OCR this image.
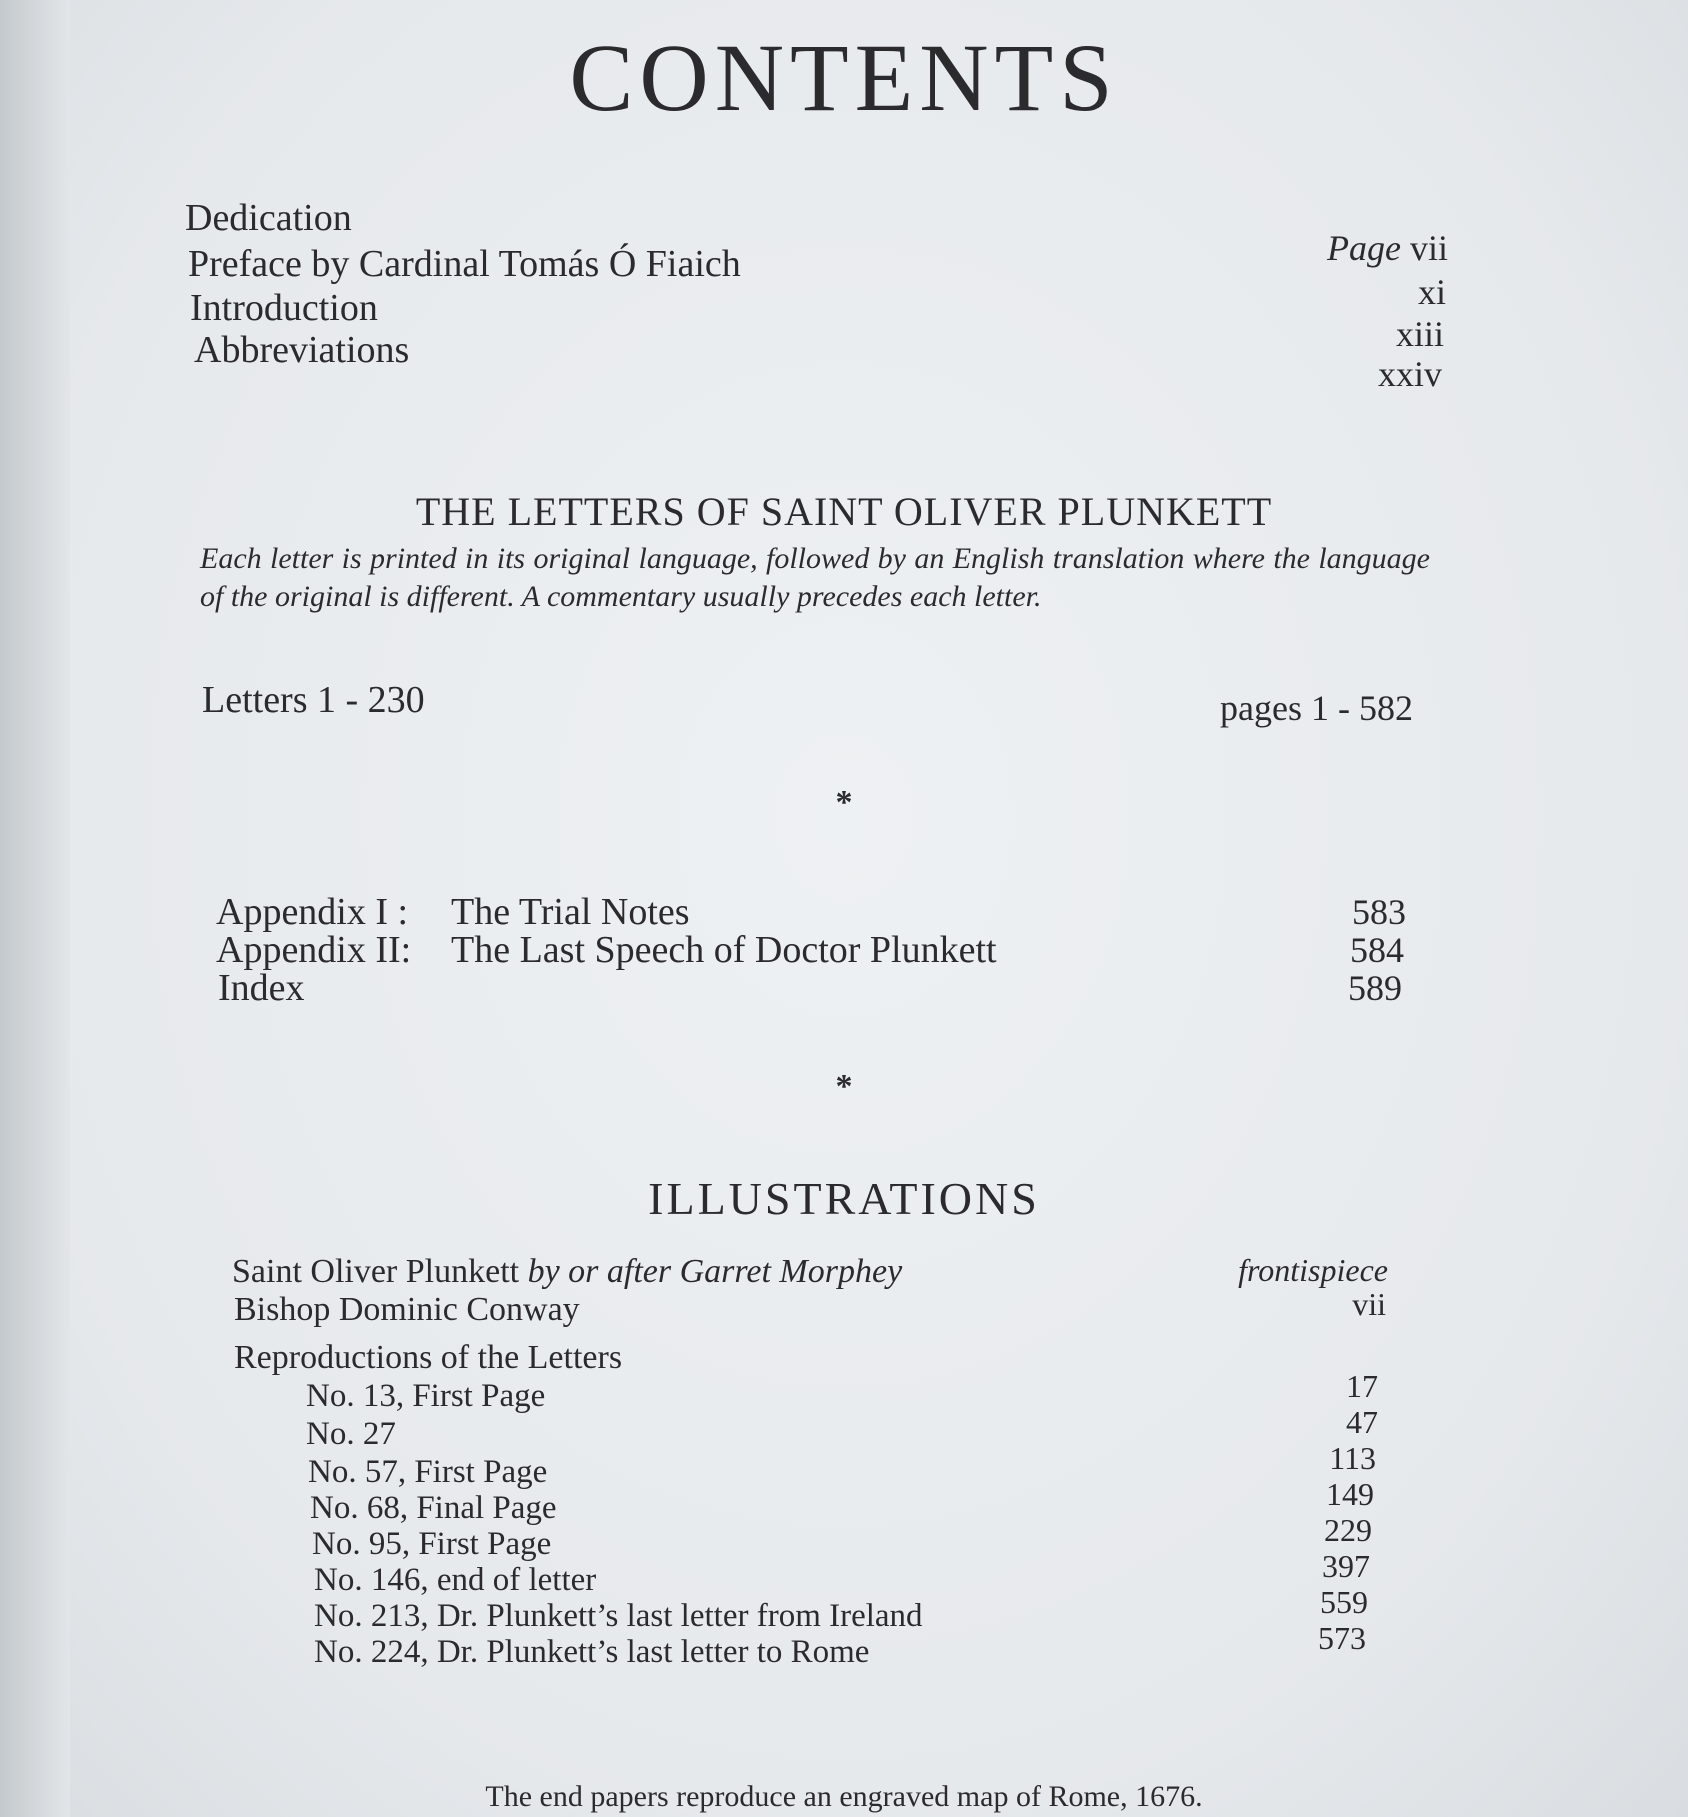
CONTENTS
Dedication
Preface by Cardinal Tomás Ó Fiaich
Introduction
Abbreviations
Page vii
xi
xiii
xxiv
THE LETTERS OF SAINT OLIVER PLUNKETT
Each letter is printed in its original language, followed by an English translation where the language of the original is different. A commentary usually precedes each letter.
Letters 1 - 230	pages 1 - 582
*
Appendix I : The Trial Notes
Appendix II: The Last Speech of Doctor Plunkett
Index
583
584
589
*
ILLUSTRATIONS
Saint Oliver Plunkett by or after Garret Morphey
Bishop Dominic Conway
frontispiece
vii
Reproductions of the Letters
No. 13, First Page
No. 27
No. 57, First Page
No. 68, Final Page
No. 95, First Page
No. 146, end of letter
No. 213, Dr. Plunkett’s last letter from Ireland
No. 224, Dr. Plunkett’s last letter to Rome
17
47
113
149
229
397
559
573
The end papers reproduce an engraved map of Rome, 1676.
